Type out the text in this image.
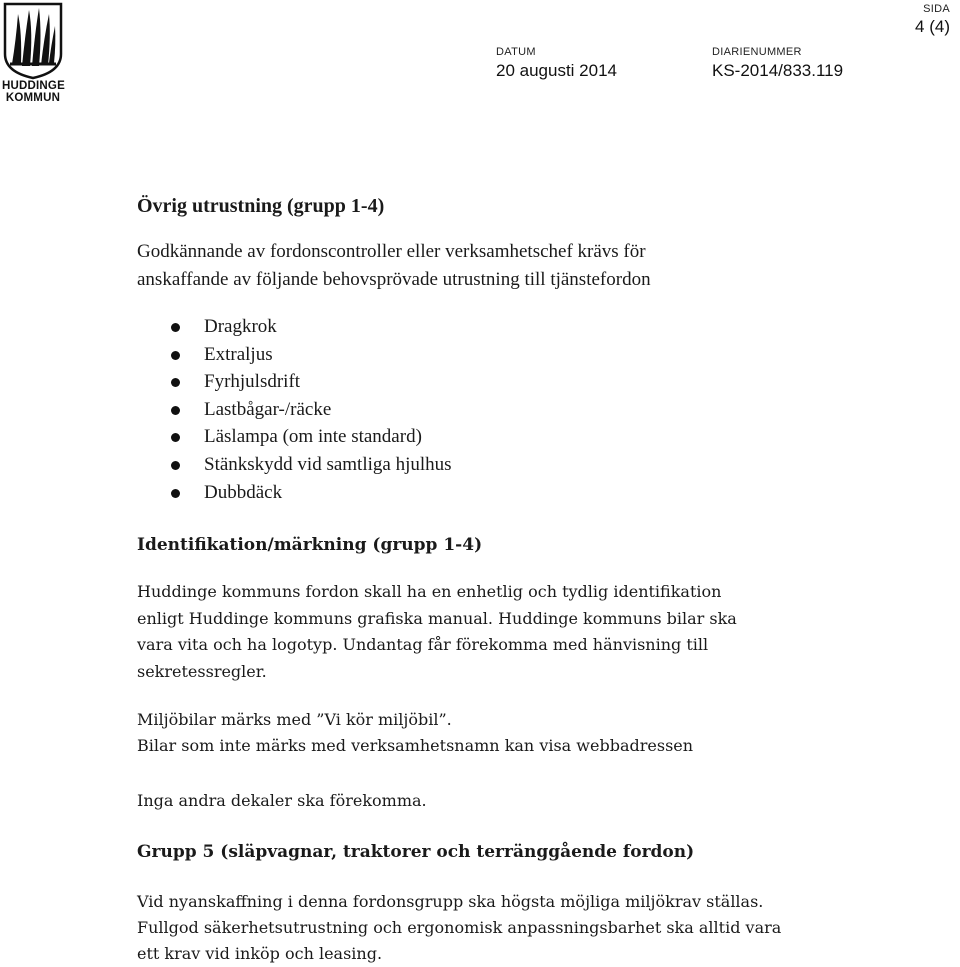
HUDDINGE
KOMMUN
SIDA
4 (4)
DATUM
20 augusti 2014
DIARIENUMMER
KS-2014/833.119
Övrig utrustning (grupp 1-4)

Godkännande av fordonscontroller eller verksamhetschef krävs för

anskaffande av följande behovsprövade utrustning till tjänstefordon

Dragkrok
Extraljus
Fyrhjulsdrift
Lastbågar-/räcke
Läslampa (om inte standard)
Stänkskydd vid samtliga hjulhus
Dubbdäck
Identifikation/märkning (grupp 1-4)

Huddinge kommuns fordon skall ha en enhetlig och tydlig identifikation

enligt Huddinge kommuns grafiska manual. Huddinge kommuns bilar ska

vara vita och ha logotyp. Undantag får förekomma med hänvisning till

sekretessregler.

Miljöbilar märks med ”Vi kör miljöbil”.

Bilar som inte märks med verksamhetsnamn kan visa webbadressen

Inga andra dekaler ska förekomma.

Grupp 5 (släpvagnar, traktorer och terränggående fordon)

Vid nyanskaffning i denna fordonsgrupp ska högsta möjliga miljökrav ställas.

Fullgod säkerhetsutrustning och ergonomisk anpassningsbarhet ska alltid vara

ett krav vid inköp och leasing.
